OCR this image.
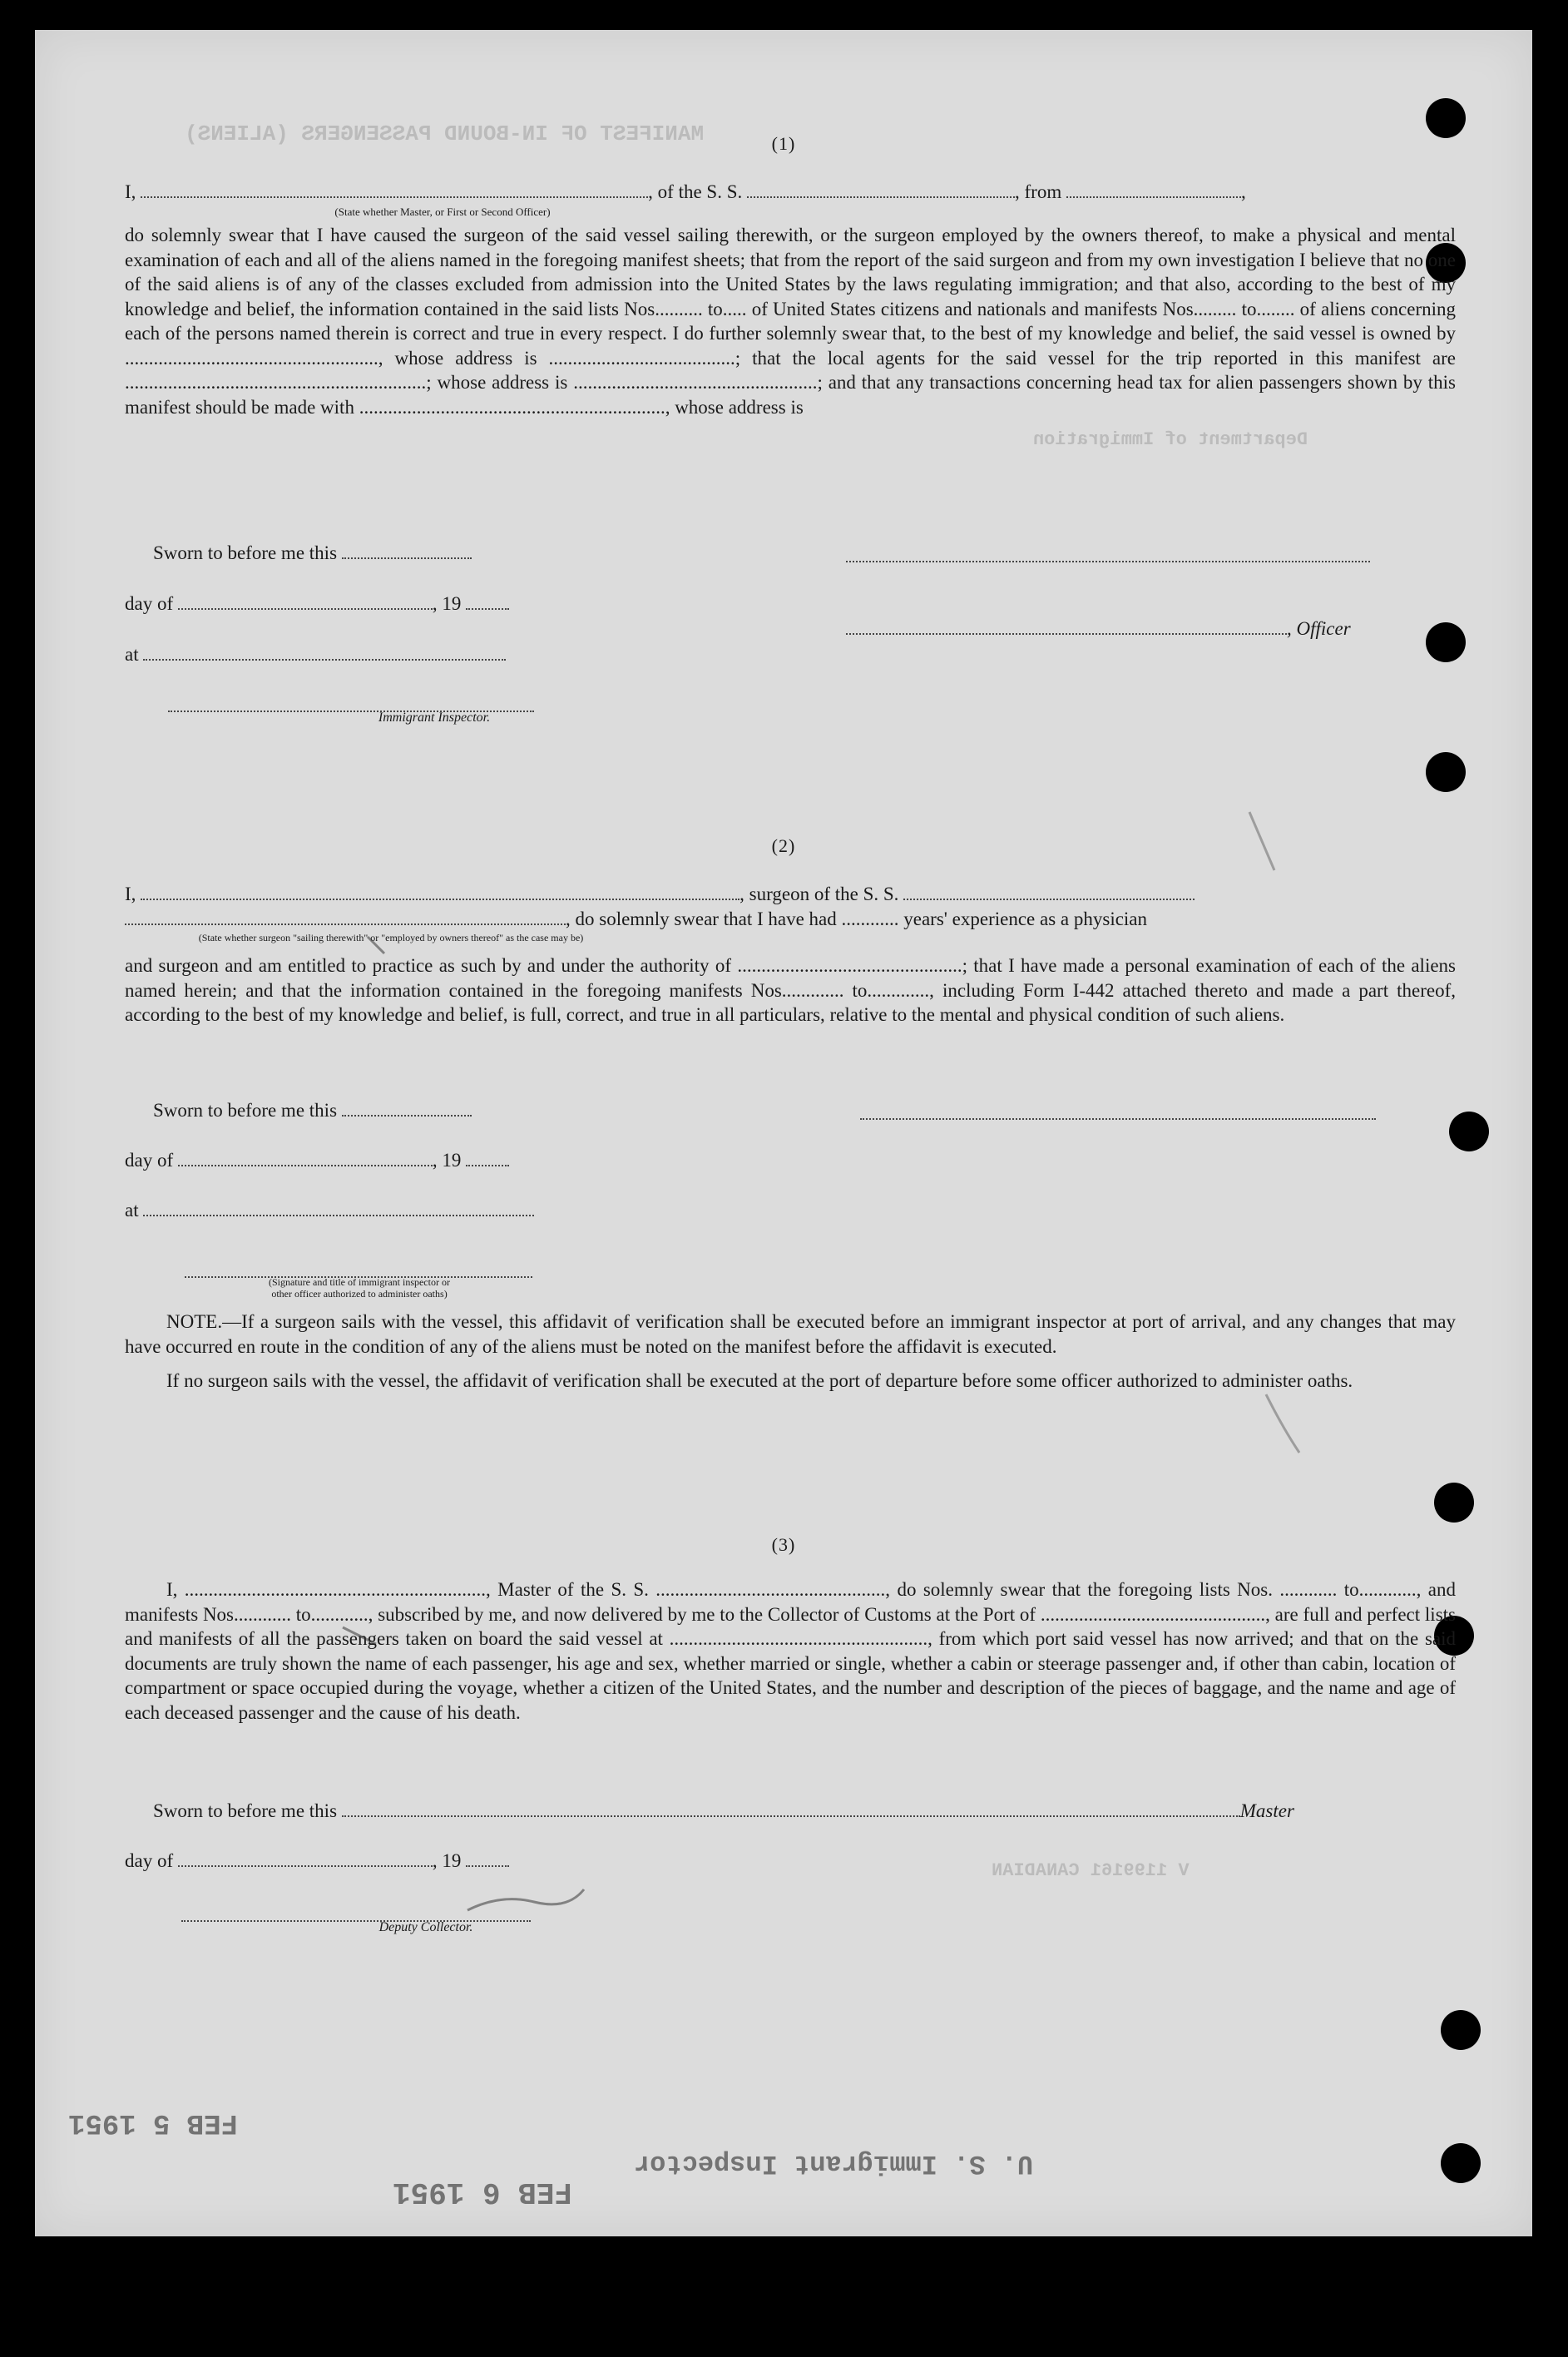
MANIFEST OF IN-BOUND PASSENGERS (ALIENS)
Department of Immigration
V 1199161 CANADIAN
(1)
I,	, of the S. S.	, from	,
(State whether Master, or First or Second Officer)
do solemnly swear that I have caused the surgeon of the said vessel sailing therewith, or the surgeon employed by the owners thereof, to make a physical and mental examination of each and all of the aliens named in the foregoing manifest sheets; that from the report of the said surgeon and from my own investigation I believe that no one of the said aliens is of any of the classes excluded from admission into the United States by the laws regulating immigration; and that also, according to the best of my knowledge and belief, the information contained in the said lists Nos.......... to..... of United States citizens and nationals and manifests Nos......... to........ of aliens concerning each of the persons named therein is correct and true in every respect. I do further solemnly swear that, to the best of my knowledge and belief, the said vessel is owned by ....................................................., whose address is .......................................; that the local agents for the said vessel for the trip reported in this manifest are ...............................................................; whose address is ...................................................; and that any transactions concerning head tax for alien passengers shown by this manifest should be made with ................................................................, whose address is
Sworn to before me this
day of	, 19
, Officer
at
Immigrant Inspector.
(2)
I,	, surgeon of the S. S.
, do solemnly swear that I have had ............ years' experience as a physician
(State whether surgeon "sailing therewith" or "employed by owners thereof" as the case may be)
and surgeon and am entitled to practice as such by and under the authority of ...............................................; that I have made a personal examination of each of the aliens named herein; and that the information contained in the foregoing manifests Nos............. to............., including Form I-442 attached thereto and made a part thereof, according to the best of my knowledge and belief, is full, correct, and true in all particulars, relative to the mental and physical condition of such aliens.
Sworn to before me this
day of	, 19
at
(Signature and title of immigrant inspector or
other officer authorized to administer oaths)

NOTE.—If a surgeon sails with the vessel, this affidavit of verification shall be executed before an immigrant inspector at port of arrival, and any changes that may have occurred en route in the condition of any of the aliens must be noted on the manifest before the affidavit is executed.

If no surgeon sails with the vessel, the affidavit of verification shall be executed at the port of departure before some officer authorized to administer oaths.

(3)
I, ..............................................................., Master of the S. S. ................................................, do solemnly swear that the foregoing lists Nos. ............ to............, and manifests Nos............ to............, subscribed by me, and now delivered by me to the Collector of Customs at the Port of ..............................................., are full and perfect lists and manifests of all the passengers taken on board the said vessel at ......................................................, from which port said vessel has now arrived; and that on the said documents are truly shown the name of each passenger, his age and sex, whether married or single, whether a cabin or steerage passenger and, if other than cabin, location of compartment or space occupied during the voyage, whether a citizen of the United States, and the number and description of the pieces of baggage, and the name and age of each deceased passenger and the cause of his death.
Sworn to before me this	Master
day of	, 19
Deputy Collector.
U. S. Immigrant Inspector
FEB 6 1951
FEB 5 1951
